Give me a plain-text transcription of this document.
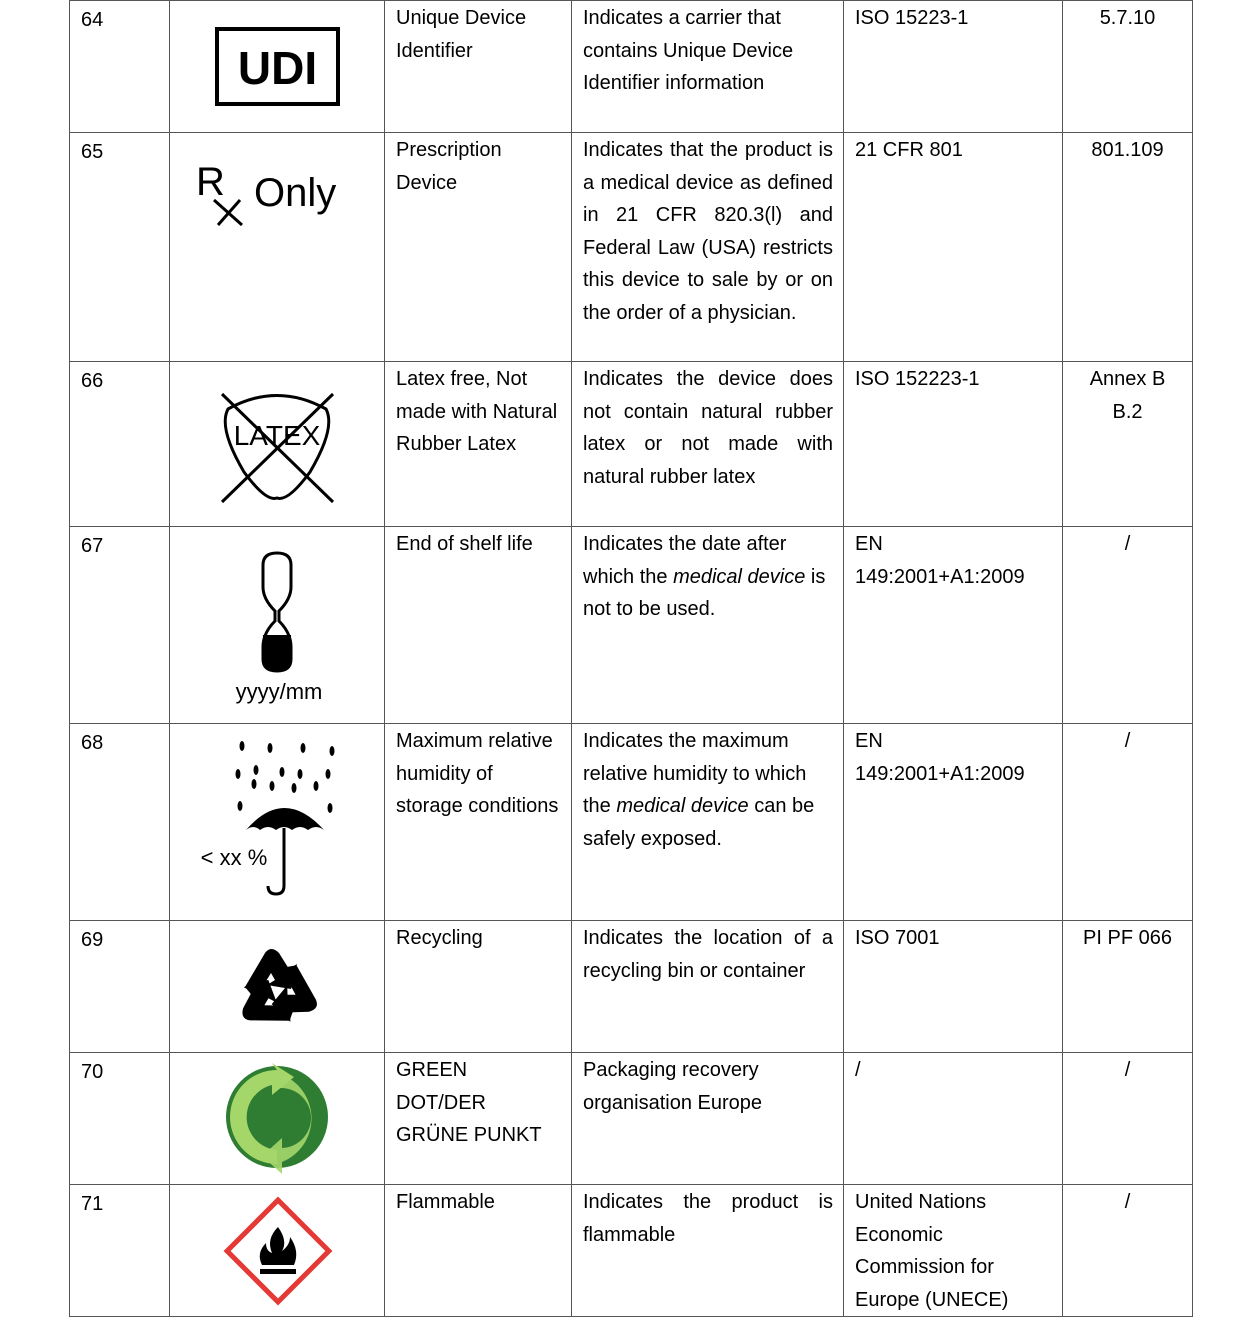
64	UDI	Unique Device Identifier	Indicates a carrier that contains Unique Device Identifier information	ISO 15223-1	5.7.10
65	R Only	Prescription Device	Indicates that the product is a medical device as defined in 21 CFR 820.3(l) and Federal Law (USA) restricts this device to sale by or on the order of a physician.	21 CFR 801	801.109
66	LATEX	Latex free, Not made with Natural Rubber Latex	Indicates the device does not contain natural rubber latex or not made with natural rubber latex	ISO 152223-1	Annex B B.2
67	yyyy/mm	End of shelf life	Indicates the date after which the medical device is not to be used.	EN 149:2001+A1:2009	/
68	< xx %	Maximum relative humidity of storage conditions	Indicates the maximum relative humidity to which the medical device can be safely exposed.	EN 149:2001+A1:2009	/
69		Recycling	Indicates the location of a recycling bin or container	ISO 7001	PI PF 066
70		GREEN DOT/DER GRÜNE PUNKT	Packaging recovery organisation Europe	/	/
71		Flammable	Indicates the product is flammable	United Nations Economic Commission for Europe (UNECE)	/
